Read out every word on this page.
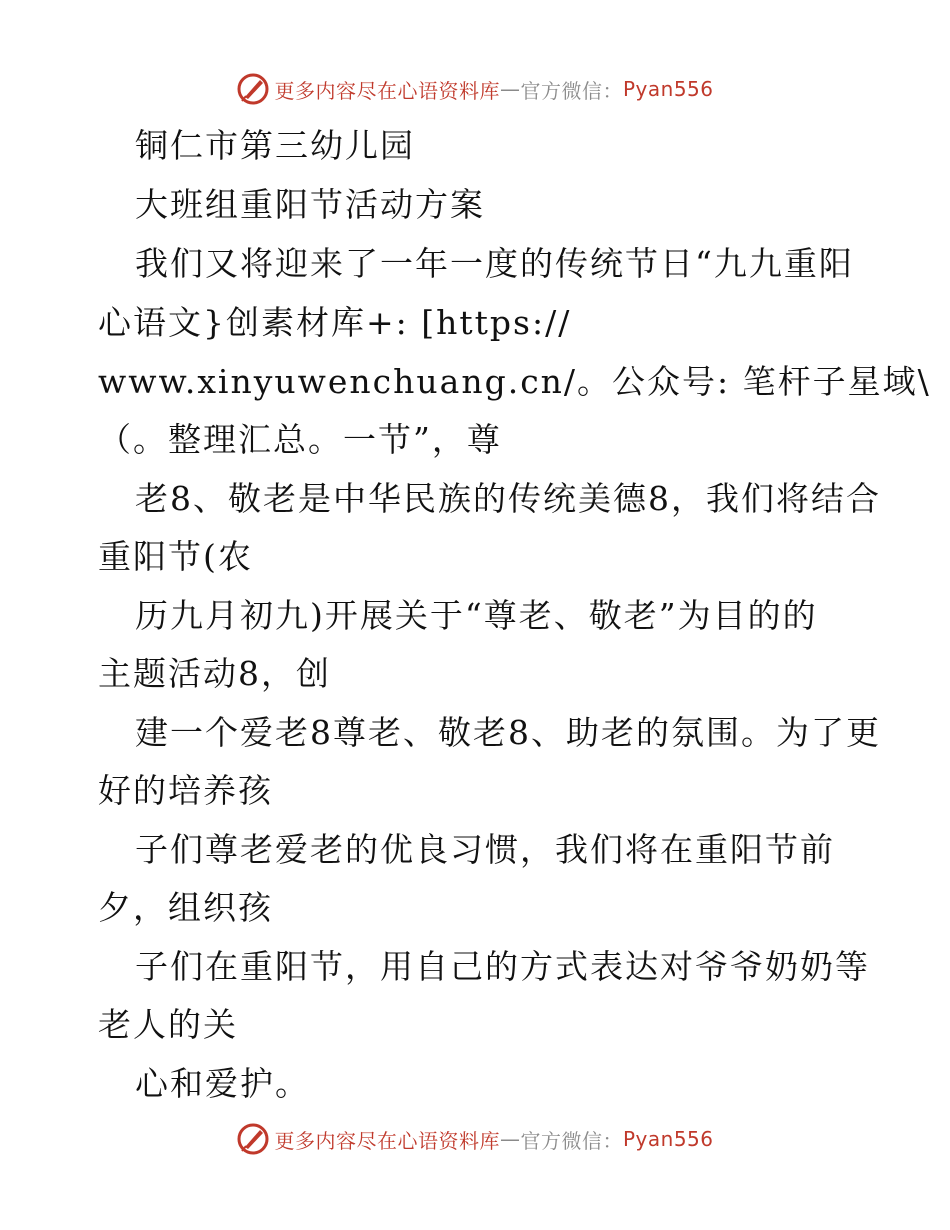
更多内容尽在心语资料库 — 官方微信： Pyan556
铜仁市第三幼儿园
大班组重阳节活动方案
我们又将迎来了一年一度的传统节日“九九重阳
心语文}创素材库+: [https://
www.xinyuwenchuang.cn/。公众号: 笔杆子星域\
（。整理汇总。一节”，尊
老8、敬老是中华民族的传统美德8，我们将结合
重阳节(农
历九月初九)开展关于“尊老、敬老”为目的的
主题活动8，创
建一个爱老8尊老、敬老8、助老的氛围。为了更
好的培养孩
子们尊老爱老的优良习惯，我们将在重阳节前
夕，组织孩
子们在重阳节，用自己的方式表达对爷爷奶奶等
老人的关
心和爱护。
更多内容尽在心语资料库 — 官方微信： Pyan556
